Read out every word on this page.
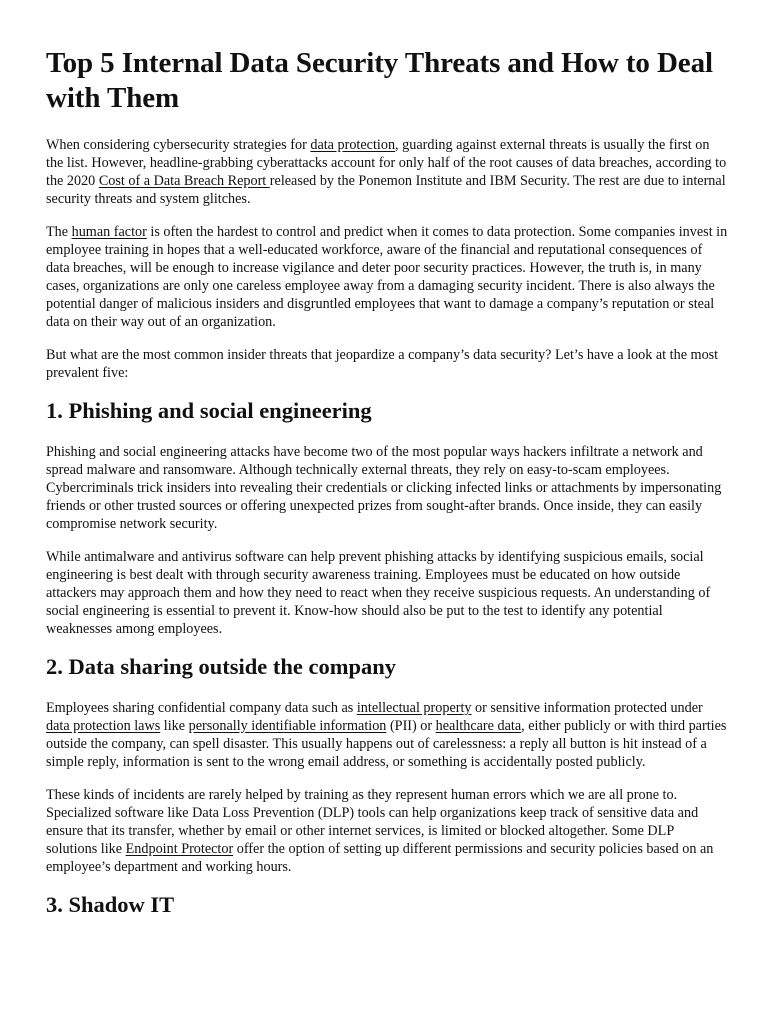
Top 5 Internal Data Security Threats and How to Deal with Them

When considering cybersecurity strategies for data protection, guarding against external threats is usually the first on the list. However, headline-grabbing cyberattacks account for only half of the root causes of data breaches, according to the 2020 Cost of a Data Breach Report released by the Ponemon Institute and IBM Security. The rest are due to internal security threats and system glitches.

The human factor is often the hardest to control and predict when it comes to data protection. Some companies invest in employee training in hopes that a well-educated workforce, aware of the financial and reputational consequences of data breaches, will be enough to increase vigilance and deter poor security practices. However, the truth is, in many cases, organizations are only one careless employee away from a damaging security incident. There is also always the potential danger of malicious insiders and disgruntled employees that want to damage a company’s reputation or steal data on their way out of an organization.

But what are the most common insider threats that jeopardize a company’s data security? Let’s have a look at the most prevalent five:

1. Phishing and social engineering

Phishing and social engineering attacks have become two of the most popular ways hackers infiltrate a network and spread malware and ransomware. Although technically external threats, they rely on easy-to-scam employees. Cybercriminals trick insiders into revealing their credentials or clicking infected links or attachments by impersonating friends or other trusted sources or offering unexpected prizes from sought-after brands. Once inside, they can easily compromise network security.

While antimalware and antivirus software can help prevent phishing attacks by identifying suspicious emails, social engineering is best dealt with through security awareness training. Employees must be educated on how outside attackers may approach them and how they need to react when they receive suspicious requests. An understanding of social engineering is essential to prevent it. Know-how should also be put to the test to identify any potential weaknesses among employees.

2. Data sharing outside the company

Employees sharing confidential company data such as intellectual property or sensitive information protected under data protection laws like personally identifiable information (PII) or healthcare data, either publicly or with third parties outside the company, can spell disaster. This usually happens out of carelessness: a reply all button is hit instead of a simple reply, information is sent to the wrong email address, or something is accidentally posted publicly.

These kinds of incidents are rarely helped by training as they represent human errors which we are all prone to. Specialized software like Data Loss Prevention (DLP) tools can help organizations keep track of sensitive data and ensure that its transfer, whether by email or other internet services, is limited or blocked altogether. Some DLP solutions like Endpoint Protector offer the option of setting up different permissions and security policies based on an employee’s department and working hours.

3. Shadow IT
